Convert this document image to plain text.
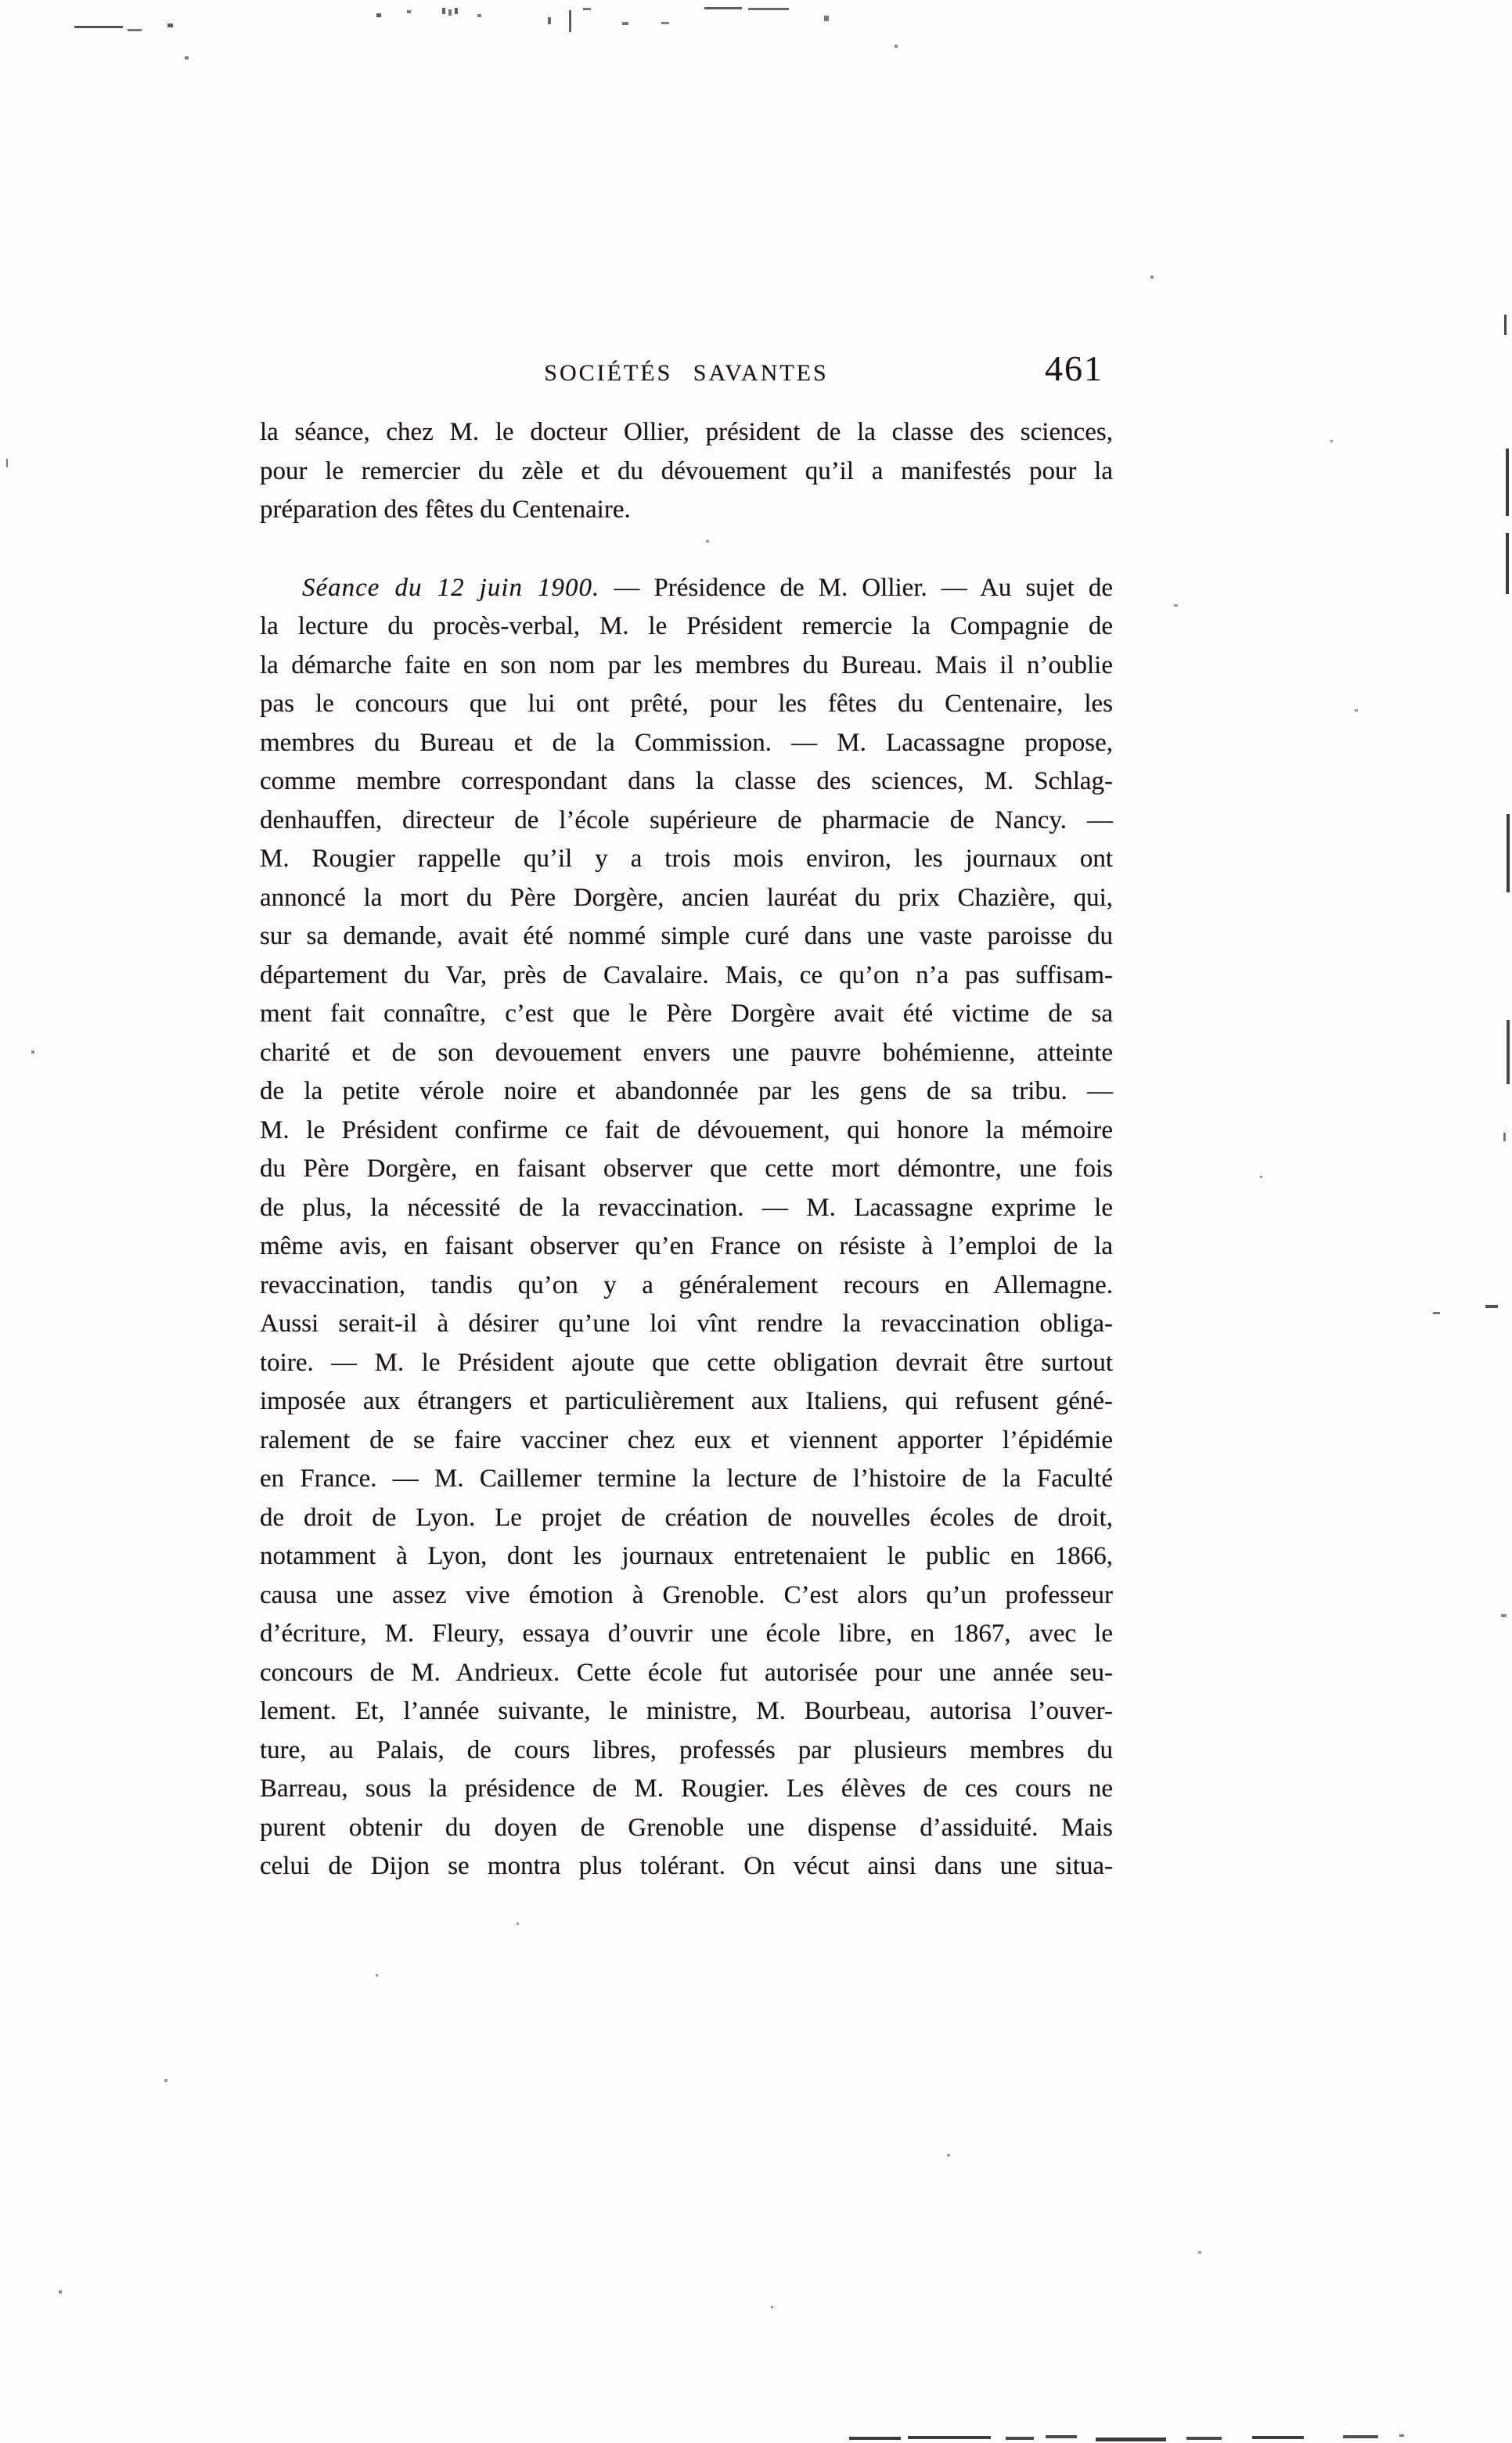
SOCIÉTÉS SAVANTES	461
la séance, chez M. le docteur Ollier, président de la classe des sciences,
pour le remercier du zèle et du dévouement qu’il a manifestés pour la
préparation des fêtes du Centenaire.
Séance du 12 juin 1900. — Présidence de M. Ollier. — Au sujet de
la lecture du procès-verbal, M. le Président remercie la Compagnie de
la démarche faite en son nom par les membres du Bureau. Mais il n’oublie
pas le concours que lui ont prêté, pour les fêtes du Centenaire, les
membres du Bureau et de la Commission. — M. Lacassagne propose,
comme membre correspondant dans la classe des sciences, M. Schlag-
denhauffen, directeur de l’école supérieure de pharmacie de Nancy. —
M. Rougier rappelle qu’il y a trois mois environ, les journaux ont
annoncé la mort du Père Dorgère, ancien lauréat du prix Chazière, qui,
sur sa demande, avait été nommé simple curé dans une vaste paroisse du
département du Var, près de Cavalaire. Mais, ce qu’on n’a pas suffisam-
ment fait connaître, c’est que le Père Dorgère avait été victime de sa
charité et de son devouement envers une pauvre bohémienne, atteinte
de la petite vérole noire et abandonnée par les gens de sa tribu. —
M. le Président confirme ce fait de dévouement, qui honore la mémoire
du Père Dorgère, en faisant observer que cette mort démontre, une fois
de plus, la nécessité de la revaccination. — M. Lacassagne exprime le
même avis, en faisant observer qu’en France on résiste à l’emploi de la
revaccination, tandis qu’on y a généralement recours en Allemagne.
Aussi serait-il à désirer qu’une loi vînt rendre la revaccination obliga-
toire. — M. le Président ajoute que cette obligation devrait être surtout
imposée aux étrangers et particulièrement aux Italiens, qui refusent géné-
ralement de se faire vacciner chez eux et viennent apporter l’épidémie
en France. — M. Caillemer termine la lecture de l’histoire de la Faculté
de droit de Lyon. Le projet de création de nouvelles écoles de droit,
notamment à Lyon, dont les journaux entretenaient le public en 1866,
causa une assez vive émotion à Grenoble. C’est alors qu’un professeur
d’écriture, M. Fleury, essaya d’ouvrir une école libre, en 1867, avec le
concours de M. Andrieux. Cette école fut autorisée pour une année seu-
lement. Et, l’année suivante, le ministre, M. Bourbeau, autorisa l’ouver-
ture, au Palais, de cours libres, professés par plusieurs membres du
Barreau, sous la présidence de M. Rougier. Les élèves de ces cours ne
purent obtenir du doyen de Grenoble une dispense d’assiduité. Mais
celui de Dijon se montra plus tolérant. On vécut ainsi dans une situa-
